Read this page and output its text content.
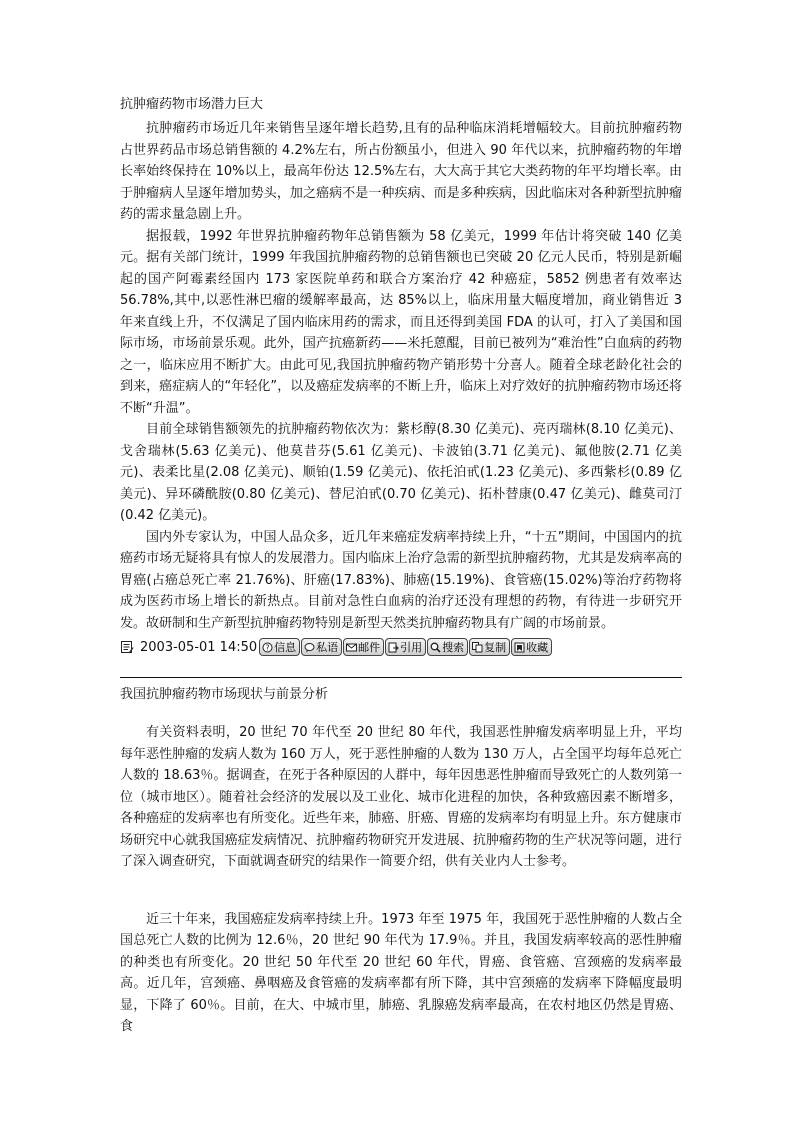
抗肿瘤药物市场潜力巨大

抗肿瘤药市场近几年来销售呈逐年增长趋势,且有的品种临床消耗增幅较大。目前抗肿瘤药物占世界药品市场总销售额的 4.2%左右，所占份额虽小，但进入 90 年代以来，抗肿瘤药物的年增长率始终保持在 10%以上，最高年份达 12.5%左右，大大高于其它大类药物的年平均增长率。由于肿瘤病人呈逐年增加势头，加之癌病不是一种疾病、而是多种疾病，因此临床对各种新型抗肿瘤药的需求量急剧上升。

据报载，1992 年世界抗肿瘤药物年总销售额为 58 亿美元，1999 年估计将突破 140 亿美元。据有关部门统计，1999 年我国抗肿瘤药物的总销售额也已突破 20 亿元人民币，特别是新崛起的国产阿霉素经国内 173 家医院单药和联合方案治疗 42 种癌症，5852 例患者有效率达 56.78%,其中,以恶性淋巴瘤的缓解率最高，达 85%以上，临床用量大幅度增加，商业销售近 3 年来直线上升，不仅满足了国内临床用药的需求，而且还得到美国 FDA 的认可，打入了美国和国际市场，市场前景乐观。此外，国产抗癌新药——米托蒽醌，目前已被列为“难治性”白血病的药物之一，临床应用不断扩大。由此可见,我国抗肿瘤药物产销形势十分喜人。随着全球老龄化社会的到来，癌症病人的“年轻化”，以及癌症发病率的不断上升，临床上对疗效好的抗肿瘤药物市场还将不断“升温”。

目前全球销售额领先的抗肿瘤药物依次为：紫杉醇(8.30 亿美元)、亮丙瑞林(8.10 亿美元)、戈舍瑞林(5.63 亿美元)、他莫昔芬(5.61 亿美元)、卡波铂(3.71 亿美元)、氟他胺(2.71 亿美元)、表柔比星(2.08 亿美元)、顺铂(1.59 亿美元)、依托泊甙(1.23 亿美元)、多西紫杉(0.89 亿美元)、异环磷酰胺(0.80 亿美元)、替尼泊甙(0.70 亿美元)、拓朴替康(0.47 亿美元)、雌莫司汀(0.42 亿美元)。

国内外专家认为，中国人品众多，近几年来癌症发病率持续上升，“十五”期间，中国国内的抗癌药市场无疑将具有惊人的发展潜力。国内临床上治疗急需的新型抗肿瘤药物，尤其是发病率高的胃癌(占癌总死亡率 21.76%)、肝癌(17.83%)、肺癌(15.19%)、食管癌(15.02%)等治疗药物将成为医药市场上增长的新热点。目前对急性白血病的治疗还没有理想的药物，有待进一步研究开发。故研制和生产新型抗肿瘤药物特别是新型天然类抗肿瘤药物具有广阔的市场前景。

2003-05-01 14:50 ? 信息 私语 邮件 引用 搜索 复制 收藏
我国抗肿瘤药物市场现状与前景分析

有关资料表明，20 世纪 70 年代至 20 世纪 80 年代，我国恶性肿瘤发病率明显上升，平均每年恶性肿瘤的发病人数为 160 万人，死于恶性肿瘤的人数为 130 万人，占全国平均每年总死亡人数的 18.63％。据调查，在死于各种原因的人群中，每年因患恶性肿瘤而导致死亡的人数列第一位（城市地区）。随着社会经济的发展以及工业化、城市化进程的加快，各种致癌因素不断增多，各种癌症的发病率也有所变化。近些年来，肺癌、肝癌、胃癌的发病率均有明显上升。东方健康市场研究中心就我国癌症发病情况、抗肿瘤药物研究开发进展、抗肿瘤药物的生产状况等问题，进行了深入调查研究，下面就调查研究的结果作一简要介绍，供有关业内人士参考。

近三十年来，我国癌症发病率持续上升。1973 年至 1975 年，我国死于恶性肿瘤的人数占全国总死亡人数的比例为 12.6％，20 世纪 90 年代为 17.9％。并且，我国发病率较高的恶性肿瘤的种类也有所变化。20 世纪 50 年代至 20 世纪 60 年代，胃癌、食管癌、宫颈癌的发病率最高。近几年，宫颈癌、鼻咽癌及食管癌的发病率都有所下降，其中宫颈癌的发病率下降幅度最明显，下降了 60％。目前，在大、中城市里，肺癌、乳腺癌发病率最高，在农村地区仍然是胃癌、食
